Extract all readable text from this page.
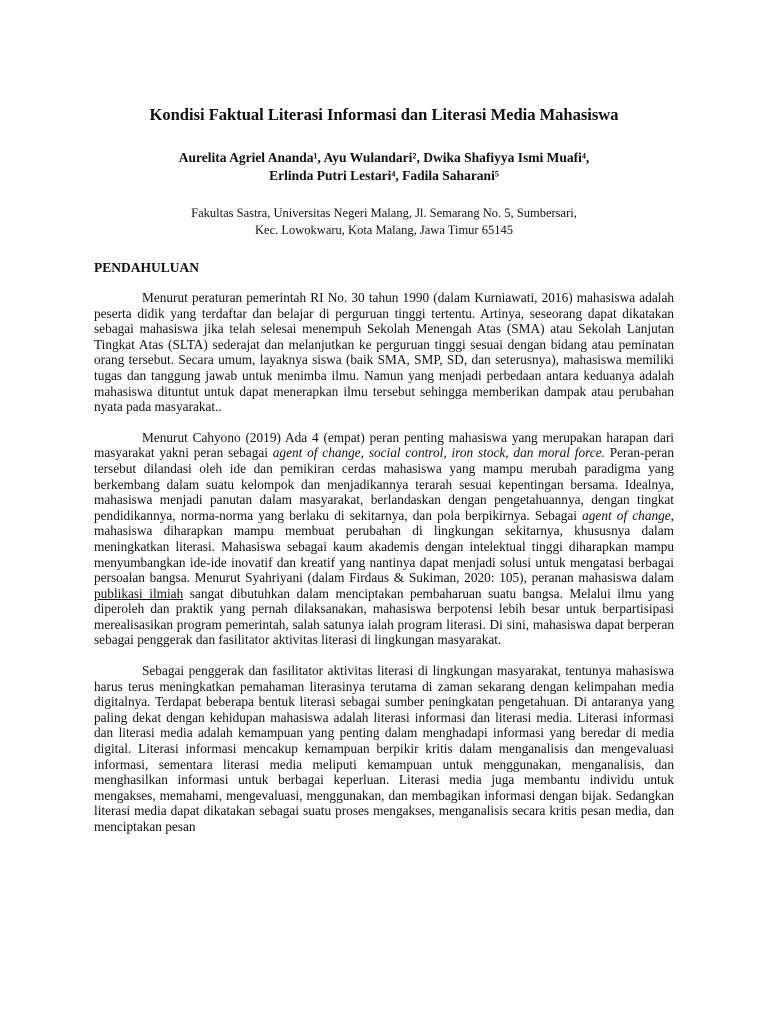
Kondisi Faktual Literasi Informasi dan Literasi Media Mahasiswa
Aurelita Agriel Ananda¹, Ayu Wulandari², Dwika Shafiyya Ismi Muafi⁴,
Erlinda Putri Lestari⁴, Fadila Saharani⁵
Fakultas Sastra, Universitas Negeri Malang, Jl. Semarang No. 5, Sumbersari,
Kec. Lowokwaru, Kota Malang, Jawa Timur 65145
PENDAHULUAN

Menurut peraturan pemerintah RI No. 30 tahun 1990 (dalam Kurniawati, 2016) mahasiswa adalah peserta didik yang terdaftar dan belajar di perguruan tinggi tertentu. Artinya, seseorang dapat dikatakan sebagai mahasiswa jika telah selesai menempuh Sekolah Menengah Atas (SMA) atau Sekolah Lanjutan Tingkat Atas (SLTA) sederajat dan melanjutkan ke perguruan tinggi sesuai dengan bidang atau peminatan orang tersebut. Secara umum, layaknya siswa (baik SMA, SMP, SD, dan seterusnya), mahasiswa memiliki tugas dan tanggung jawab untuk menimba ilmu. Namun yang menjadi perbedaan antara keduanya adalah mahasiswa dituntut untuk dapat menerapkan ilmu tersebut sehingga memberikan dampak atau perubahan nyata pada masyarakat..

Menurut Cahyono (2019) Ada 4 (empat) peran penting mahasiswa yang merupakan harapan dari masyarakat yakni peran sebagai agent of change, social control, iron stock, dan moral force. Peran-peran tersebut dilandasi oleh ide dan pemikiran cerdas mahasiswa yang mampu merubah paradigma yang berkembang dalam suatu kelompok dan menjadikannya terarah sesuai kepentingan bersama. Idealnya, mahasiswa menjadi panutan dalam masyarakat, berlandaskan dengan pengetahuannya, dengan tingkat pendidikannya, norma-norma yang berlaku di sekitarnya, dan pola berpikirnya. Sebagai agent of change, mahasiswa diharapkan mampu membuat perubahan di lingkungan sekitarnya, khususnya dalam meningkatkan literasi. Mahasiswa sebagai kaum akademis dengan intelektual tinggi diharapkan mampu menyumbangkan ide-ide inovatif dan kreatif yang nantinya dapat menjadi solusi untuk mengatasi berbagai persoalan bangsa. Menurut Syahriyani (dalam Firdaus & Sukiman, 2020: 105), peranan mahasiswa dalam publikasi ilmiah sangat dibutuhkan dalam menciptakan pembaharuan suatu bangsa. Melalui ilmu yang diperoleh dan praktik yang pernah dilaksanakan, mahasiswa berpotensi lebih besar untuk berpartisipasi merealisasikan program pemerintah, salah satunya ialah program literasi. Di sini, mahasiswa dapat berperan sebagai penggerak dan fasilitator aktivitas literasi di lingkungan masyarakat.

Sebagai penggerak dan fasilitator aktivitas literasi di lingkungan masyarakat, tentunya mahasiswa harus terus meningkatkan pemahaman literasinya terutama di zaman sekarang dengan kelimpahan media digitalnya. Terdapat beberapa bentuk literasi sebagai sumber peningkatan pengetahuan. Di antaranya yang paling dekat dengan kehidupan mahasiswa adalah literasi informasi dan literasi media. Literasi informasi dan literasi media adalah kemampuan yang penting dalam menghadapi informasi yang beredar di media digital. Literasi informasi mencakup kemampuan berpikir kritis dalam menganalisis dan mengevaluasi informasi, sementara literasi media meliputi kemampuan untuk menggunakan, menganalisis, dan menghasilkan informasi untuk berbagai keperluan. Literasi media juga membantu individu untuk mengakses, memahami, mengevaluasi, menggunakan, dan membagikan informasi dengan bijak. Sedangkan literasi media dapat dikatakan sebagai suatu proses mengakses, menganalisis secara kritis pesan media, dan menciptakan pesan
